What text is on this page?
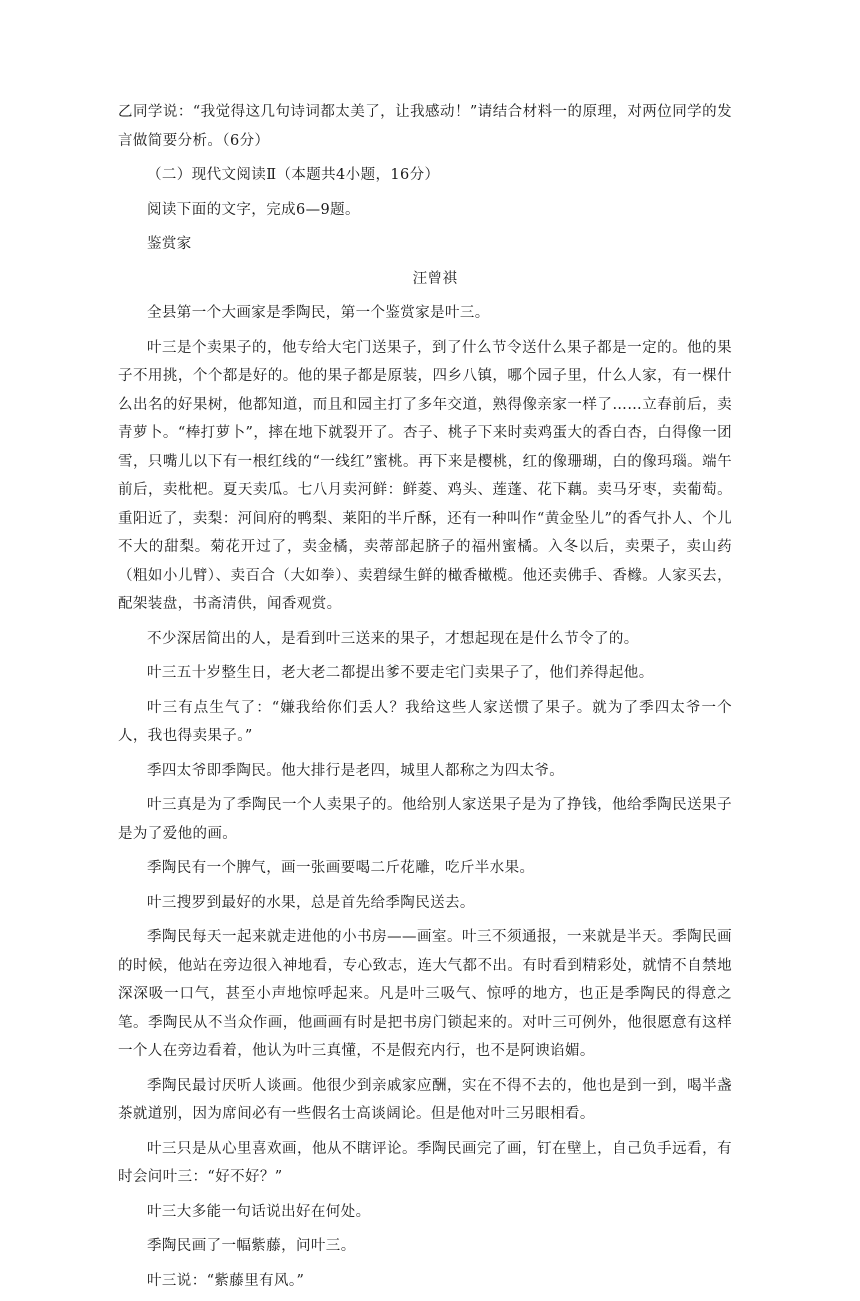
乙同学说：“我觉得这几句诗词都太美了，让我感动！”请结合材料一的原理，对两位同学的发言做简要分析。（6分）

（二）现代文阅读Ⅱ（本题共4小题，16分）

阅读下面的文字，完成6—9题。

鉴赏家

汪曾祺

全县第一个大画家是季陶民，第一个鉴赏家是叶三。

叶三是个卖果子的，他专给大宅门送果子，到了什么节令送什么果子都是一定的。他的果子不用挑，个个都是好的。他的果子都是原装，四乡八镇，哪个园子里，什么人家，有一棵什么出名的好果树，他都知道，而且和园主打了多年交道，熟得像亲家一样了……立春前后，卖青萝卜。“棒打萝卜”，摔在地下就裂开了。杏子、桃子下来时卖鸡蛋大的香白杏，白得像一团雪，只嘴儿以下有一根红线的“一线红”蜜桃。再下来是樱桃，红的像珊瑚，白的像玛瑙。端午前后，卖枇杷。夏天卖瓜。七八月卖河鲜：鲜菱、鸡头、莲蓬、花下藕。卖马牙枣，卖葡萄。重阳近了，卖梨：河间府的鸭梨、莱阳的半斤酥，还有一种叫作“黄金坠儿”的香气扑人、个儿不大的甜梨。菊花开过了，卖金橘，卖蒂部起脐子的福州蜜橘。入冬以后，卖栗子，卖山药（粗如小儿臂）、卖百合（大如拳）、卖碧绿生鲜的橄香橄榄。他还卖佛手、香橼。人家买去，配架装盘，书斋清供，闻香观赏。

不少深居简出的人，是看到叶三送来的果子，才想起现在是什么节令了的。

叶三五十岁整生日，老大老二都提出爹不要走宅门卖果子了，他们养得起他。

叶三有点生气了：“嫌我给你们丢人？我给这些人家送惯了果子。就为了季四太爷一个人，我也得卖果子。”

季四太爷即季陶民。他大排行是老四，城里人都称之为四太爷。

叶三真是为了季陶民一个人卖果子的。他给别人家送果子是为了挣钱，他给季陶民送果子是为了爱他的画。

季陶民有一个脾气，画一张画要喝二斤花雕，吃斤半水果。

叶三搜罗到最好的水果，总是首先给季陶民送去。

季陶民每天一起来就走进他的小书房——画室。叶三不须通报，一来就是半天。季陶民画的时候，他站在旁边很入神地看，专心致志，连大气都不出。有时看到精彩处，就情不自禁地深深吸一口气，甚至小声地惊呼起来。凡是叶三吸气、惊呼的地方，也正是季陶民的得意之笔。季陶民从不当众作画，他画画有时是把书房门锁起来的。对叶三可例外，他很愿意有这样一个人在旁边看着，他认为叶三真懂，不是假充内行，也不是阿谀谄媚。

季陶民最讨厌听人谈画。他很少到亲戚家应酬，实在不得不去的，他也是到一到，喝半盏茶就道别，因为席间必有一些假名士高谈阔论。但是他对叶三另眼相看。

叶三只是从心里喜欢画，他从不瞎评论。季陶民画完了画，钉在壁上，自己负手远看，有时会问叶三：“好不好？”

叶三大多能一句话说出好在何处。

季陶民画了一幅紫藤，问叶三。

叶三说：“紫藤里有风。”
